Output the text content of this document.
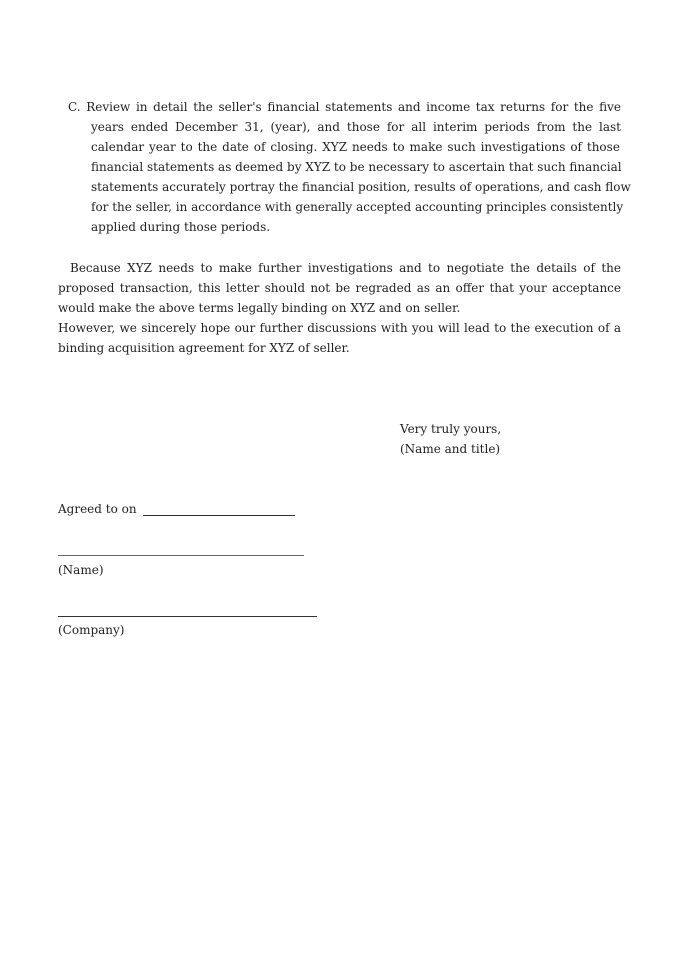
C. Review in detail the seller's financial statements and income tax returns for the five
years ended December 31, (year), and those for all interim periods from the last
calendar year to the date of closing. XYZ needs to make such investigations of those
financial statements as deemed by XYZ to be necessary to ascertain that such financial
statements accurately portray the financial position, results of operations, and cash flow
for the seller, in accordance with generally accepted accounting principles consistently
applied during those periods.
Because XYZ needs to make further investigations and to negotiate the details of the
proposed transaction, this letter should not be regraded as an offer that your acceptance
would make the above terms legally binding on XYZ and on seller.
However, we sincerely hope our further discussions with you will lead to the execution of a
binding acquisition agreement for XYZ of seller.
Very truly yours,
(Name and title)
Agreed to on
(Name)
(Company)
